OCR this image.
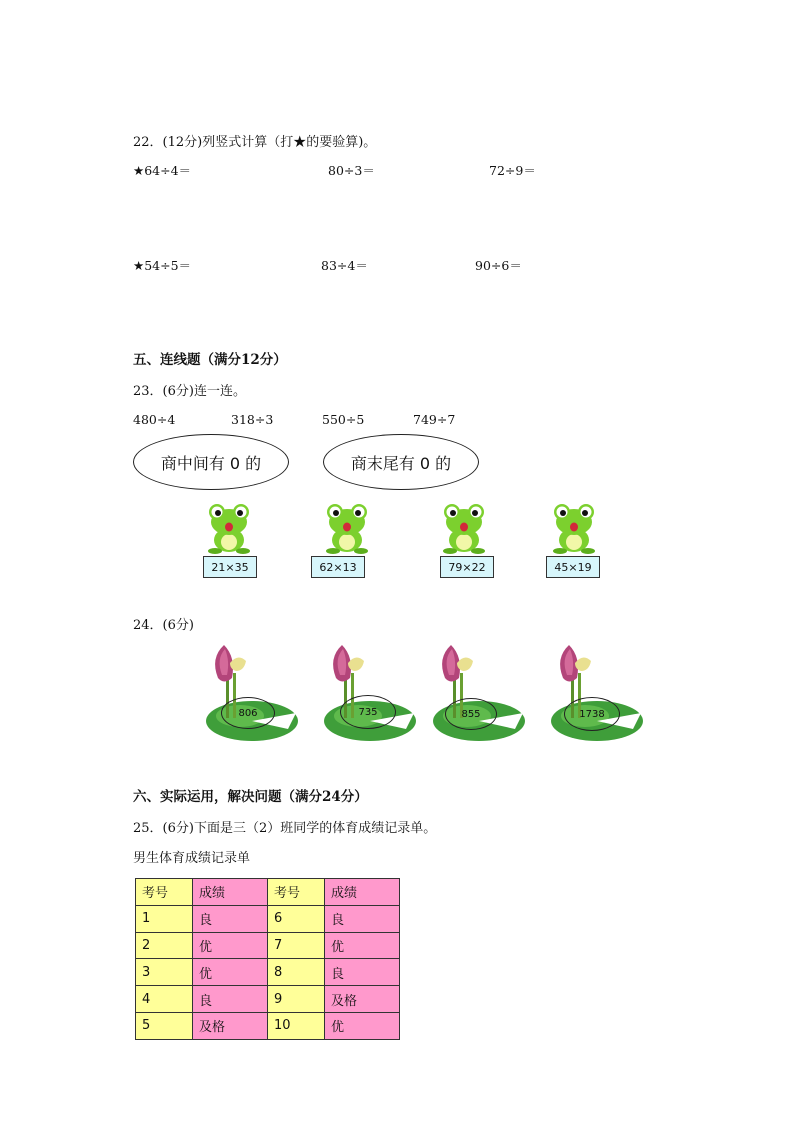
22．(12分)列竖式计算（打★的要验算)。
★64÷4＝	80÷3＝	72÷9＝
★54÷5＝	83÷4＝	90÷6＝
五、连线题（满分12分）
23．(6分)连一连。
480÷4	318÷3	550÷5	749÷7
商中间有 0 的	商末尾有 0 的
21×35	62×13	79×22	45×19
24．(6分)
806	735	855	1738
六、实际运用，解决问题（满分24分）
25．(6分)下面是三（2）班同学的体育成绩记录单。
男生体育成绩记录单
考号	成绩	考号	成绩
1	良	6	良
2	优	7	优
3	优	8	良
4	良	9	及格
5	及格	10	优
